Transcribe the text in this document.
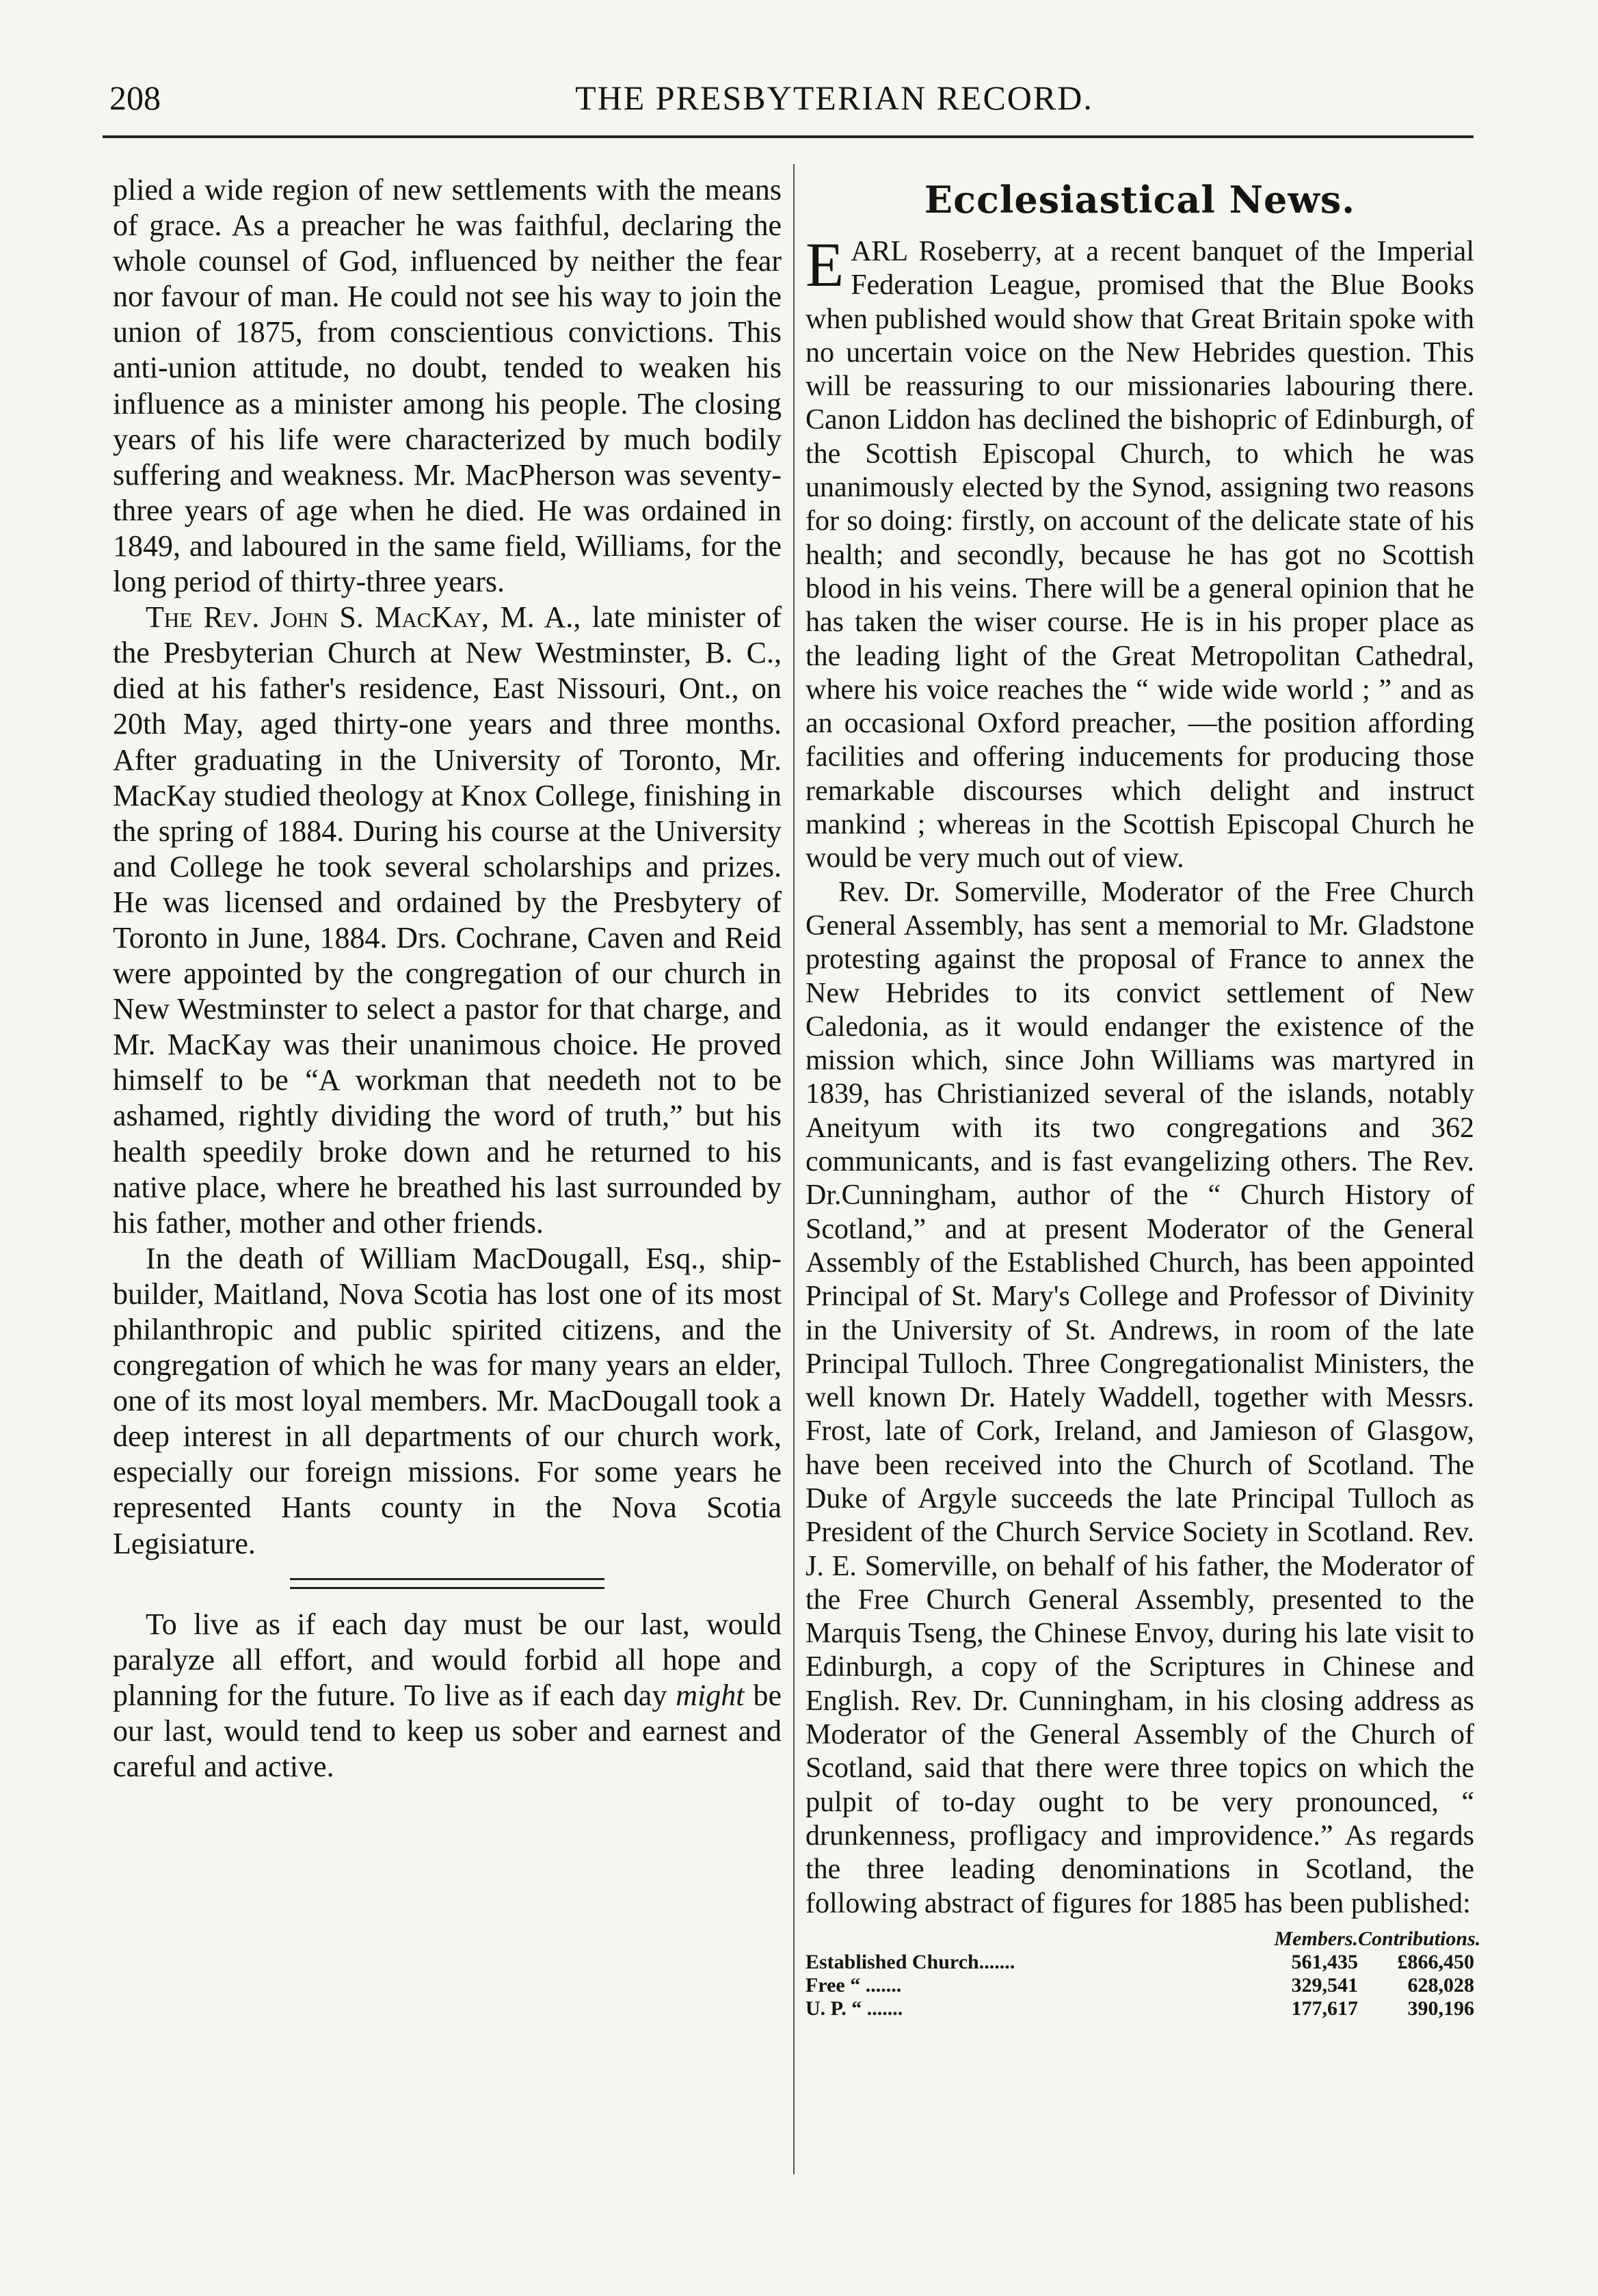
208	THE PRESBYTERIAN RECORD.

plied a wide region of new settlements with the means of grace. As a preacher he was faithful, declaring the whole counsel of God, influenced by neither the fear nor favour of man. He could not see his way to join the union of 1875, from conscientious convictions. This anti-union attitude, no doubt, tended to weaken his influence as a minister among his people. The closing years of his life were characterized by much bodily suffering and weakness. Mr. MacPherson was seventy-three years of age when he died. He was ordained in 1849, and laboured in the same field, Williams, for the long period of thirty-three years.

The Rev. John S. MacKay, M. A., late minister of the Presbyterian Church at New Westminster, B. C., died at his father's residence, East Nissouri, Ont., on 20th May, aged thirty-one years and three months. After graduating in the University of Toronto, Mr. MacKay studied theology at Knox College, finishing in the spring of 1884. During his course at the University and College he took several scholarships and prizes. He was licensed and ordained by the Presbytery of Toronto in June, 1884. Drs. Cochrane, Caven and Reid were appointed by the congregation of our church in New Westminster to select a pastor for that charge, and Mr. MacKay was their unanimous choice. He proved himself to be “A workman that needeth not to be ashamed, rightly dividing the word of truth,” but his health speedily broke down and he returned to his native place, where he breathed his last surrounded by his father, mother and other friends.

In the death of William MacDougall, Esq., ship-builder, Maitland, Nova Scotia has lost one of its most philanthropic and public spirited citizens, and the congregation of which he was for many years an elder, one of its most loyal members. Mr. MacDougall took a deep interest in all departments of our church work, especially our foreign missions. For some years he represented Hants county in the Nova Scotia Legisiature.

To live as if each day must be our last, would paralyze all effort, and would forbid all hope and planning for the future. To live as if each day might be our last, would tend to keep us sober and earnest and careful and active.

Ecclesiastical News.

EARL Roseberry, at a recent banquet of the Imperial Federation League, promised that the Blue Books when published would show that Great Britain spoke with no uncertain voice on the New Hebrides question. This will be reassuring to our missionaries labouring there. Canon Liddon has declined the bishopric of Edinburgh, of the Scottish Episcopal Church, to which he was unanimously elected by the Synod, assigning two reasons for so doing: firstly, on account of the delicate state of his health; and secondly, because he has got no Scottish blood in his veins. There will be a general opinion that he has taken the wiser course. He is in his proper place as the leading light of the Great Metropolitan Cathedral, where his voice reaches the “ wide wide world ; ” and as an occasional Oxford preacher, —the position affording facilities and offering inducements for producing those remarkable discourses which delight and instruct mankind ; whereas in the Scottish Episcopal Church he would be very much out of view.

Rev. Dr. Somerville, Moderator of the Free Church General Assembly, has sent a memorial to Mr. Gladstone protesting against the proposal of France to annex the New Hebrides to its convict settlement of New Caledonia, as it would endanger the existence of the mission which, since John Williams was martyred in 1839, has Christianized several of the islands, notably Aneityum with its two congregations and 362 communicants, and is fast evangelizing others. The Rev. Dr.Cunningham, author of the “ Church History of Scotland,” and at present Moderator of the General Assembly of the Established Church, has been appointed Principal of St. Mary's College and Professor of Divinity in the University of St. Andrews, in room of the late Principal Tulloch. Three Congregationalist Ministers, the well known Dr. Hately Waddell, together with Messrs. Frost, late of Cork, Ireland, and Jamieson of Glasgow, have been received into the Church of Scotland. The Duke of Argyle succeeds the late Principal Tulloch as President of the Church Service Society in Scotland. Rev. J. E. Somerville, on behalf of his father, the Moderator of the Free Church General Assembly, presented to the Marquis Tseng, the Chinese Envoy, during his late visit to Edinburgh, a copy of the Scriptures in Chinese and English. Rev. Dr. Cunningham, in his closing address as Moderator of the General Assembly of the Church of Scotland, said that there were three topics on which the pulpit of to-day ought to be very pronounced, “ drunkenness, profligacy and improvidence.” As regards the three leading denominations in Scotland, the following abstract of figures for 1885 has been published:

Members. Contributions.
Established Church.......	561,435	£866,450
Free “ .......	329,541	628,028
U. P. “ .......	177,617	390,196
